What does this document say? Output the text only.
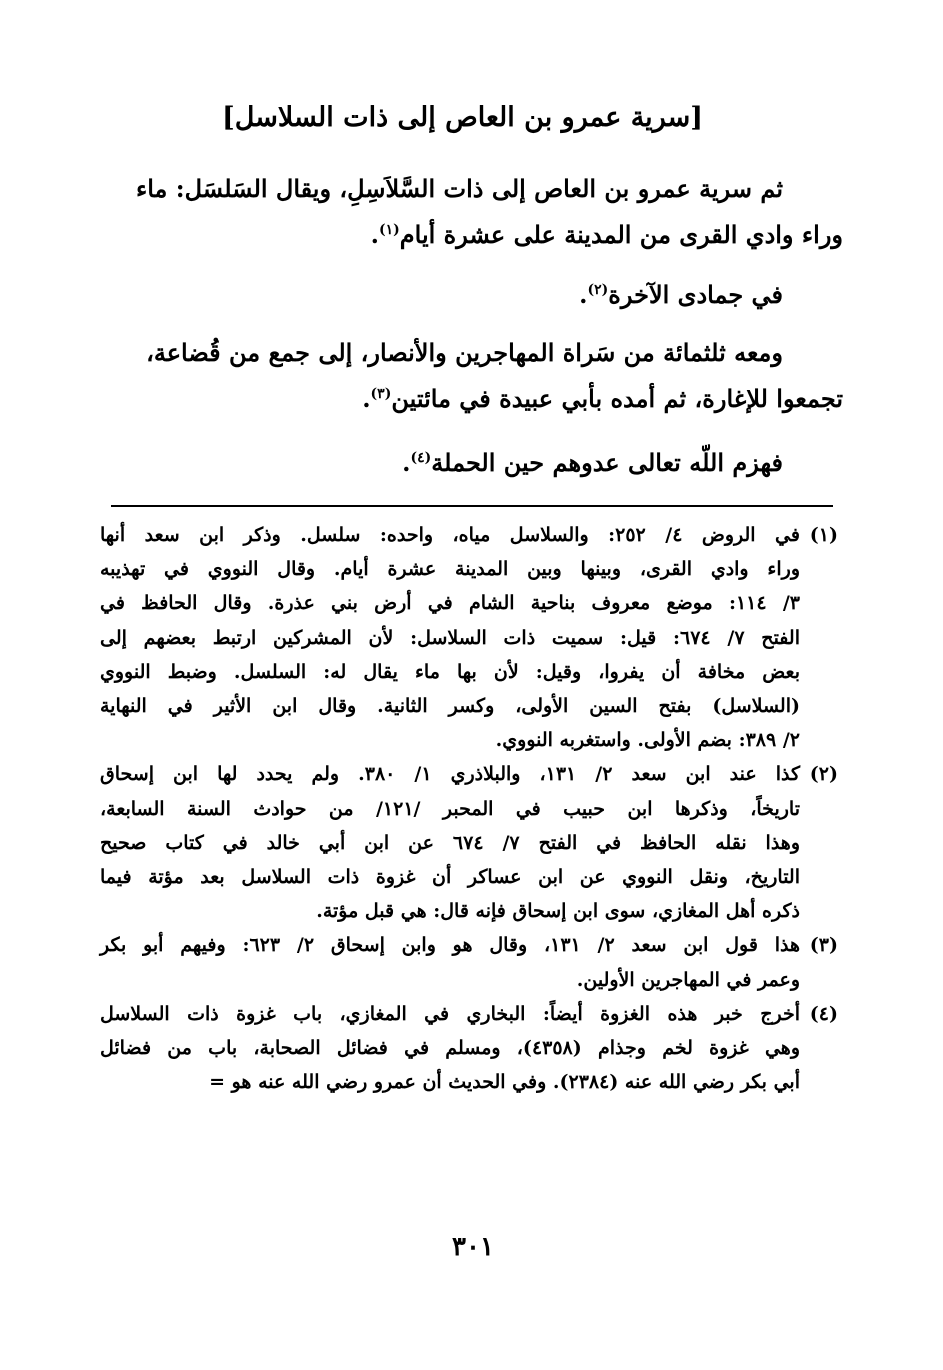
[سرية عمرو بن العاص إلى ذات السلاسل]
ثم سرية عمرو بن العاص إلى ذات السَّلاَسِلِ، ويقال السَلسَل: ماء
وراء وادي القرى من المدينة على عشرة أيام$^{(١)}$.
في جمادى الآخرة$^{(٢)}$.
ومعه ثلثمائة من سَراة المهاجرين والأنصار، إلى جمع من قُضاعة،
تجمعوا للإغارة، ثم أمده بأبي عبيدة في مائتين$^{(٣)}$.
فهزم اللّه تعالى عدوهم حين الحملة$^{(٤)}$.
(١)
في الروض ٤/ ٢٥٢: والسلاسل مياه، واحده: سلسل. وذكر ابن سعد أنها
وراء وادي القرى، وبينها وبين المدينة عشرة أيام. وقال النووي في تهذيبه
٣/ ١١٤: موضع معروف بناحية الشام في أرض بني عذرة. وقال الحافظ في
الفتح ٧/ ٦٧٤: قيل: سميت ذات السلاسل: لأن المشركين ارتبط بعضهم إلى
بعض مخافة أن يفروا، وقيل: لأن بها ماء يقال له: السلسل. وضبط النووي
(السلاسل) بفتح السين الأولى، وكسر الثانية. وقال ابن الأثير في النهاية
٢/ ٣٨٩: بضم الأولى. واستغربه النووي.
(٢)
كذا عند ابن سعد ٢/ ١٣١، والبلاذري ١/ ٣٨٠. ولم يحدد لها ابن إسحاق
تاريخاً، وذكرها ابن حبيب في المحبر /١٢١/ من حوادث السنة السابعة،
وهذا نقله الحافظ في الفتح ٧/ ٦٧٤ عن ابن أبي خالد في كتاب صحيح
التاريخ، ونقل النووي عن ابن عساكر أن غزوة ذات السلاسل بعد مؤتة فيما
ذكره أهل المغازي، سوى ابن إسحاق فإنه قال: هي قبل مؤتة.
(٣)
هذا قول ابن سعد ٢/ ١٣١، وقال هو وابن إسحاق ٢/ ٦٢٣: وفيهم أبو بكر
وعمر في المهاجرين الأولين.
(٤)
أخرج خبر هذه الغزوة أيضاً: البخاري في المغازي، باب غزوة ذات السلاسل
وهي غزوة لخم وجذام (٤٣٥٨)، ومسلم في فضائل الصحابة، باب من فضائل
أبي بكر رضي الله عنه (٢٣٨٤). وفي الحديث أن عمرو رضي الله عنه هو =
٣٠١
